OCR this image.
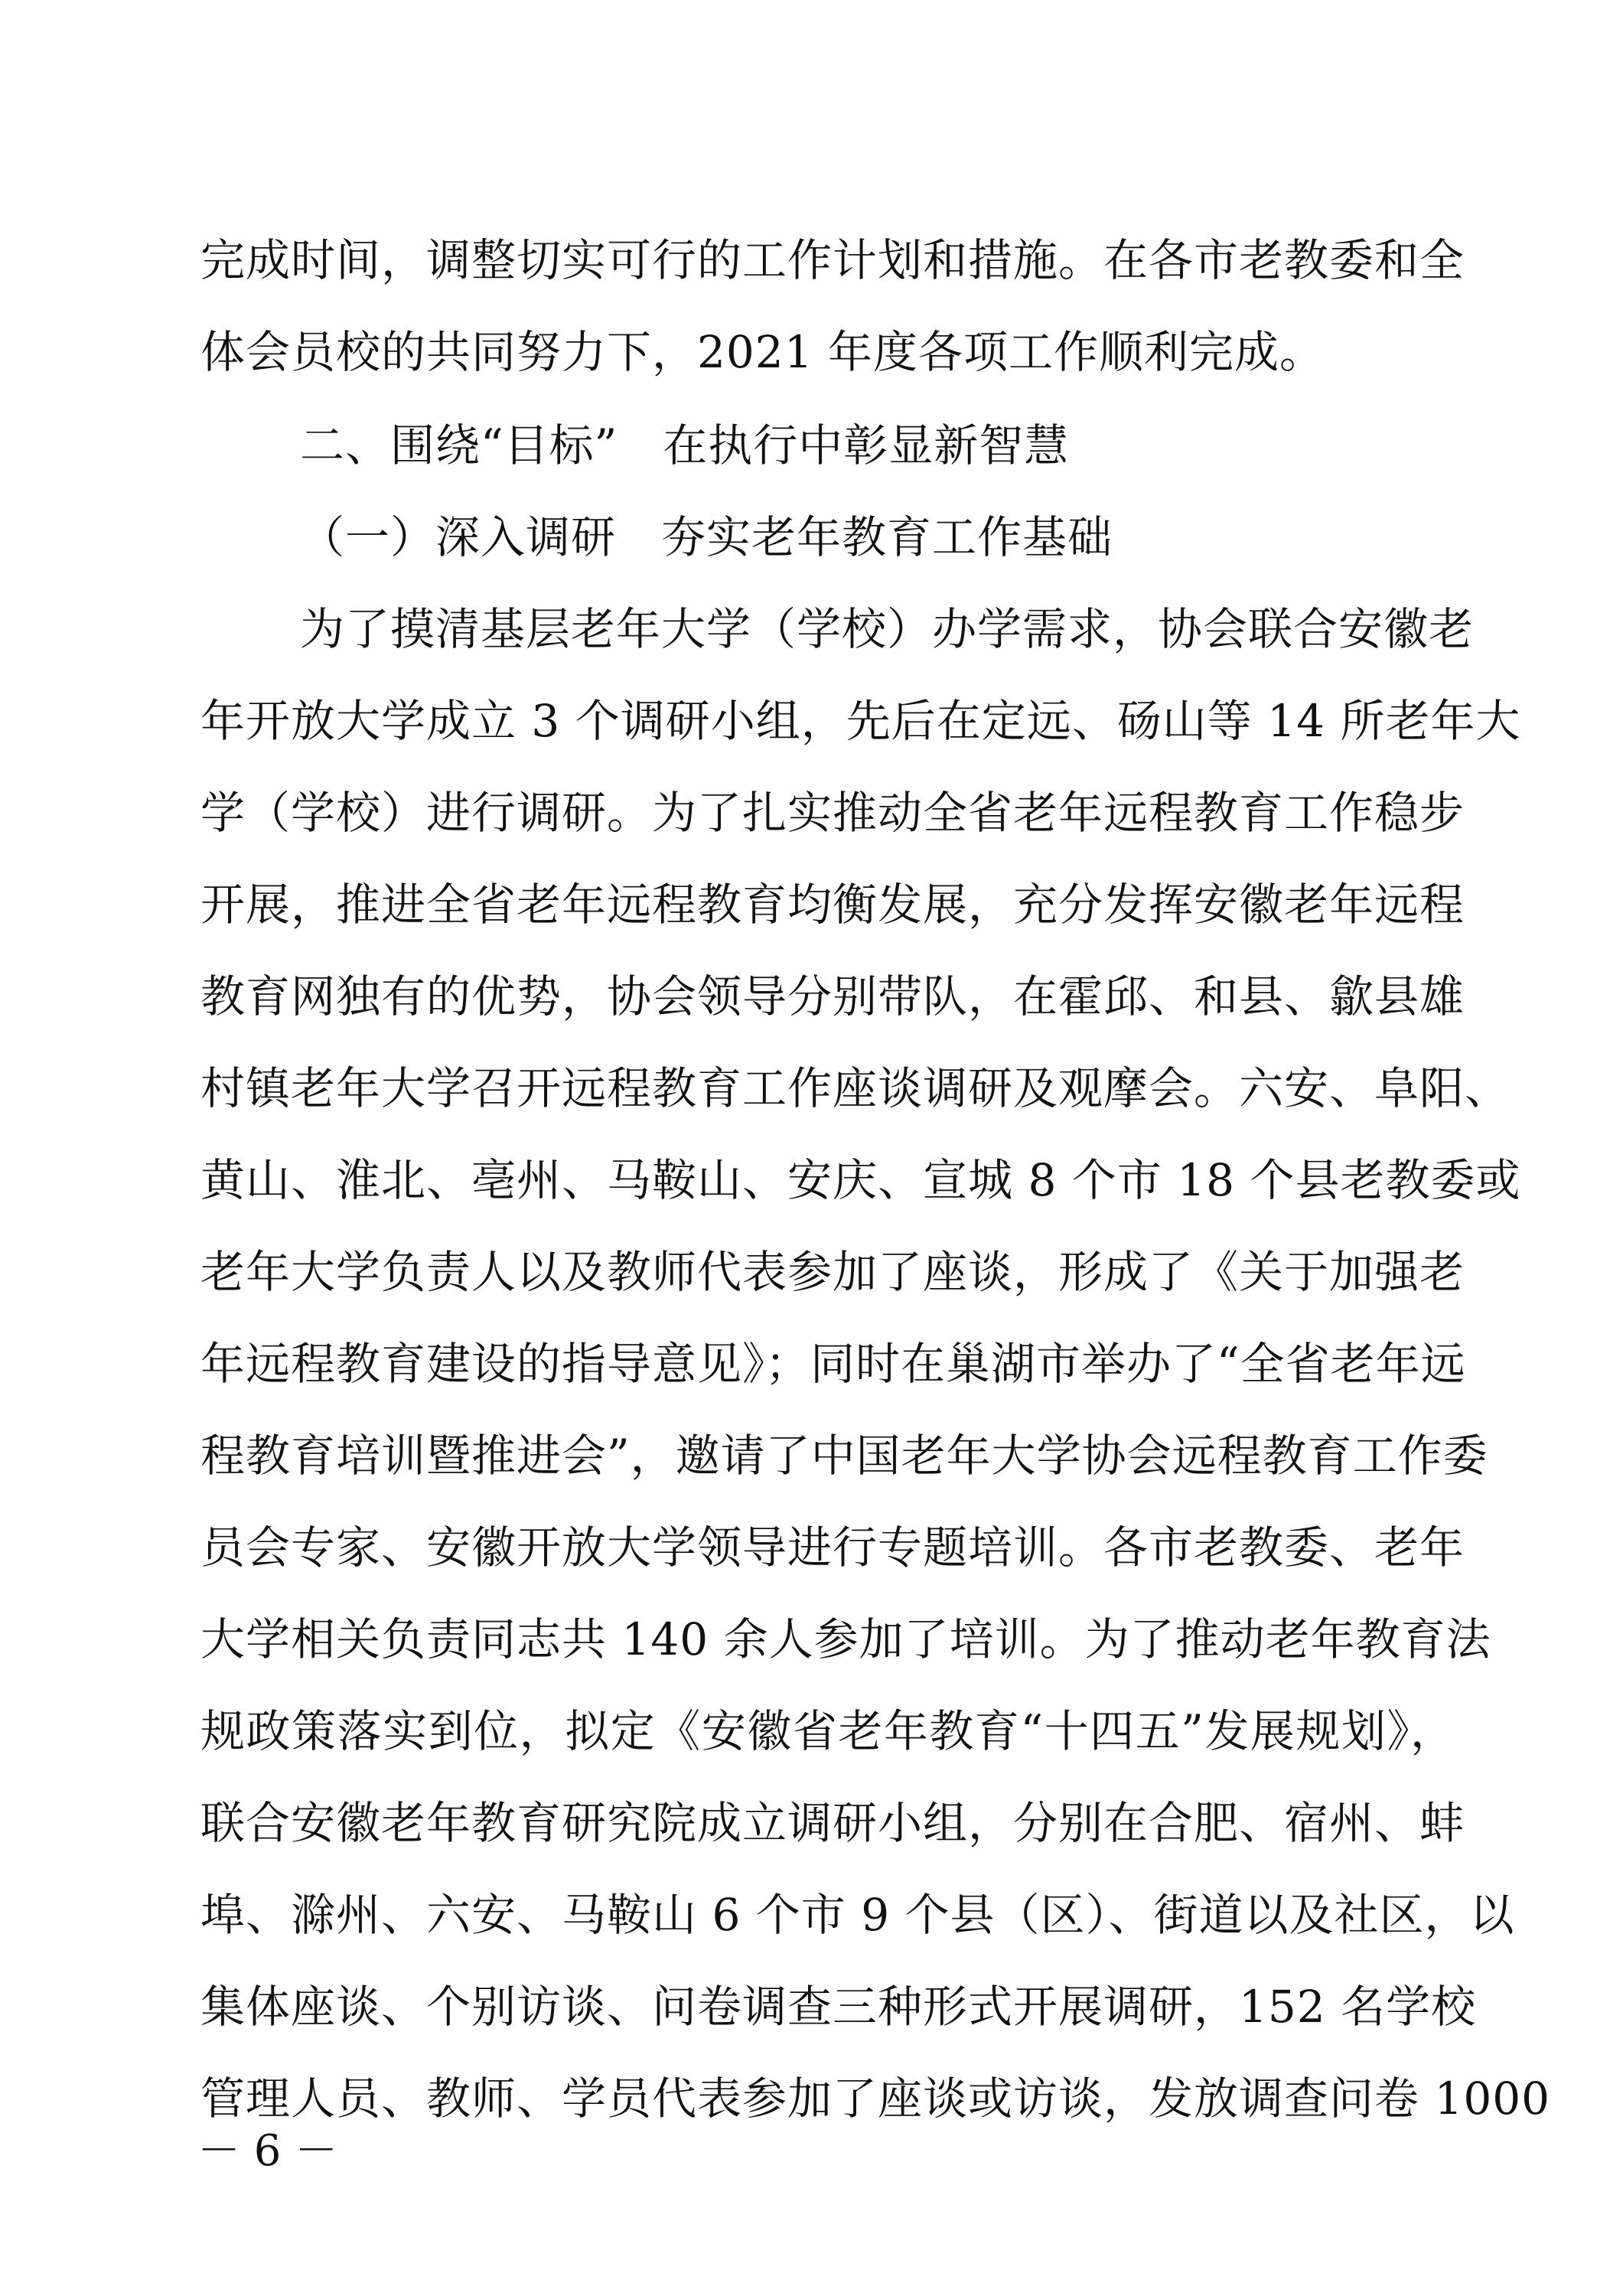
完成时间，调整切实可行的工作计划和措施。在各市老教委和全
体会员校的共同努力下，2021 年度各项工作顺利完成。
二、围绕“目标”　在执行中彰显新智慧
（一）深入调研　夯实老年教育工作基础
为了摸清基层老年大学（学校）办学需求，协会联合安徽老
年开放大学成立 3 个调研小组，先后在定远、砀山等 14 所老年大
学（学校）进行调研。为了扎实推动全省老年远程教育工作稳步
开展，推进全省老年远程教育均衡发展，充分发挥安徽老年远程
教育网独有的优势，协会领导分别带队，在霍邱、和县、歙县雄
村镇老年大学召开远程教育工作座谈调研及观摩会。六安、阜阳、
黄山、淮北、亳州、马鞍山、安庆、宣城 8 个市 18 个县老教委或
老年大学负责人以及教师代表参加了座谈，形成了《关于加强老
年远程教育建设的指导意见》；同时在巢湖市举办了“全省老年远
程教育培训暨推进会”，邀请了中国老年大学协会远程教育工作委
员会专家、安徽开放大学领导进行专题培训。各市老教委、老年
大学相关负责同志共 140 余人参加了培训。为了推动老年教育法
规政策落实到位，拟定《安徽省老年教育“十四五”发展规划》，
联合安徽老年教育研究院成立调研小组，分别在合肥、宿州、蚌
埠、滁州、六安、马鞍山 6 个市 9 个县（区）、街道以及社区，以
集体座谈、个别访谈、问卷调查三种形式开展调研，152 名学校
管理人员、教师、学员代表参加了座谈或访谈，发放调查问卷 1000
－ 6 －
